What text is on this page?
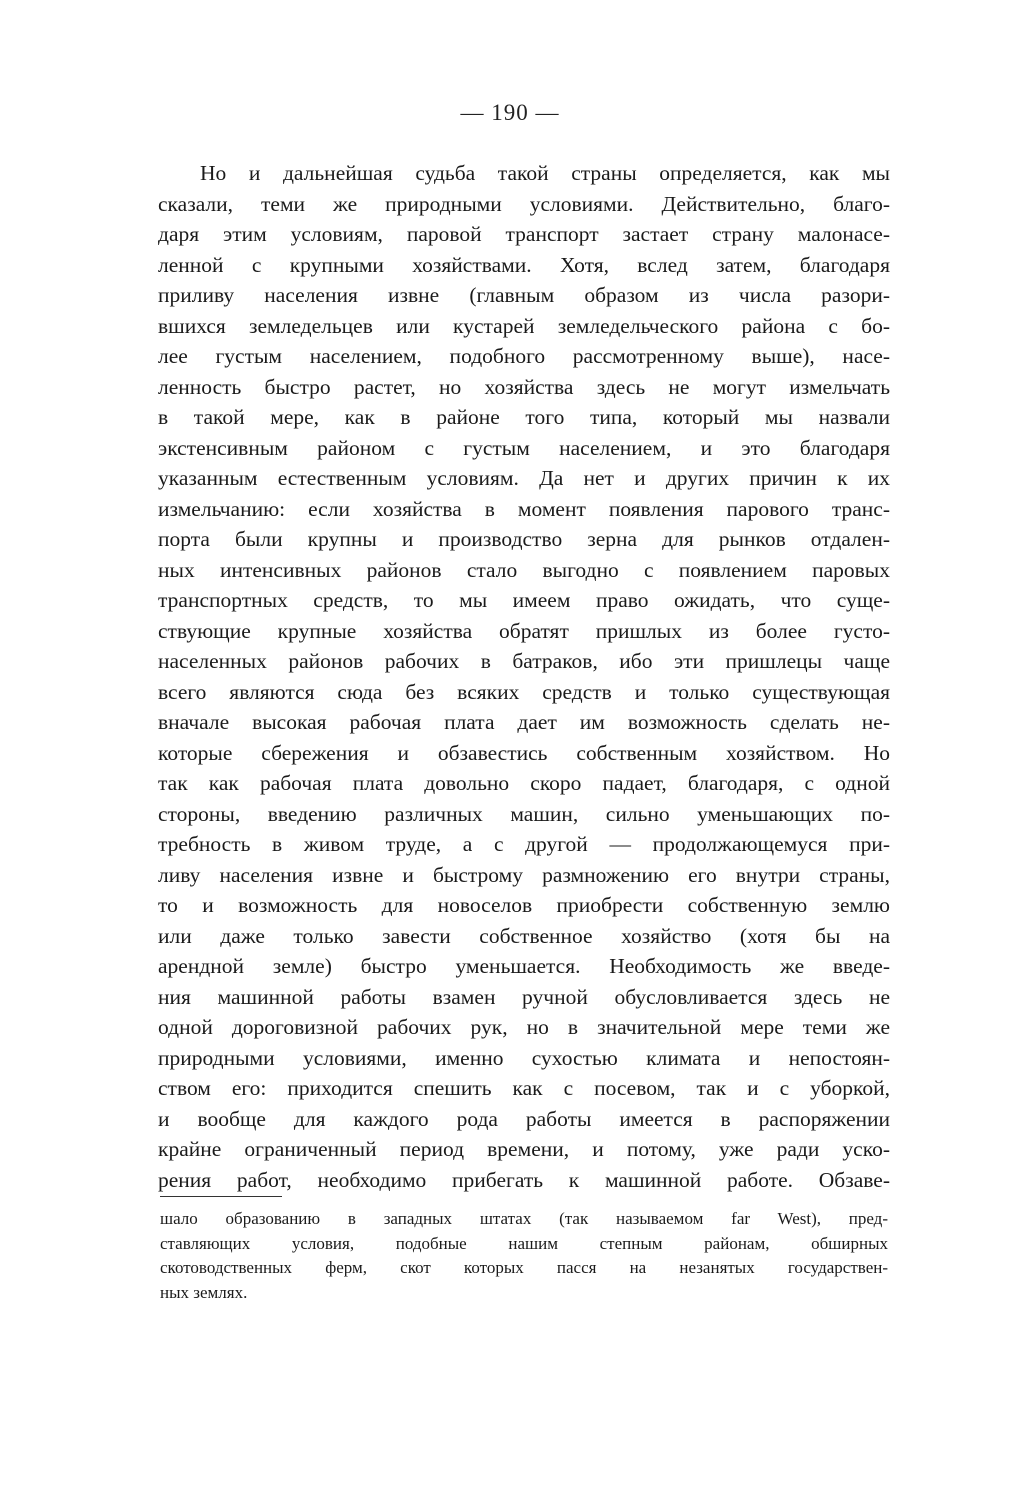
— 190 —
Но и дальнейшая судьба такой страны определяется, как мы
сказали, теми же природными условиями. Действительно, благо-
даря этим условиям, паровой транспорт застает страну малонасе-
ленной с крупными хозяйствами. Хотя, вслед затем, благодаря
приливу населения извне (главным образом из числа разори-
вшихся земледельцев или кустарей земледельческого района с бо-
лее густым населением, подобного рассмотренному выше), насе-
ленность быстро растет, но хозяйства здесь не могут измельчать
в такой мере, как в районе того типа, который мы назвали
экстенсивным районом с густым населением, и это благодаря
указанным естественным условиям. Да нет и других причин к их
измельчанию: если хозяйства в момент появления парового транс-
порта были крупны и производство зерна для рынков отдален-
ных интенсивных районов стало выгодно с появлением паровых
транспортных средств, то мы имеем право ожидать, что суще-
ствующие крупные хозяйства обратят пришлых из более густо-
населенных районов рабочих в батраков, ибо эти пришлецы чаще
всего являются сюда без всяких средств и только существующая
вначале высокая рабочая плата дает им возможность сделать не-
которые сбережения и обзавестись собственным хозяйством. Но
так как рабочая плата довольно скоро падает, благодаря, с одной
стороны, введению различных машин, сильно уменьшающих по-
требность в живом труде, а с другой — продолжающемуся при-
ливу населения извне и быстрому размножению его внутри страны,
то и возможность для новоселов приобрести собственную землю
или даже только завести собственное хозяйство (хотя бы на
арендной земле) быстро уменьшается. Необходимость же введе-
ния машинной работы взамен ручной обусловливается здесь не
одной дороговизной рабочих рук, но в значительной мере теми же
природными условиями, именно сухостью климата и непостоян-
ством его: приходится спешить как с посевом, так и с уборкой,
и вообще для каждого рода работы имеется в распоряжении
крайне ограниченный период времени, и потому, уже ради уско-
рения работ, необходимо прибегать к машинной работе. Обзаве-
шало образованию в западных штатах (так называемом far West), пред-
ставляющих условия, подобные нашим степным районам, обширных
скотоводственных ферм, скот которых пасся на незанятых государствен-
ных землях.
